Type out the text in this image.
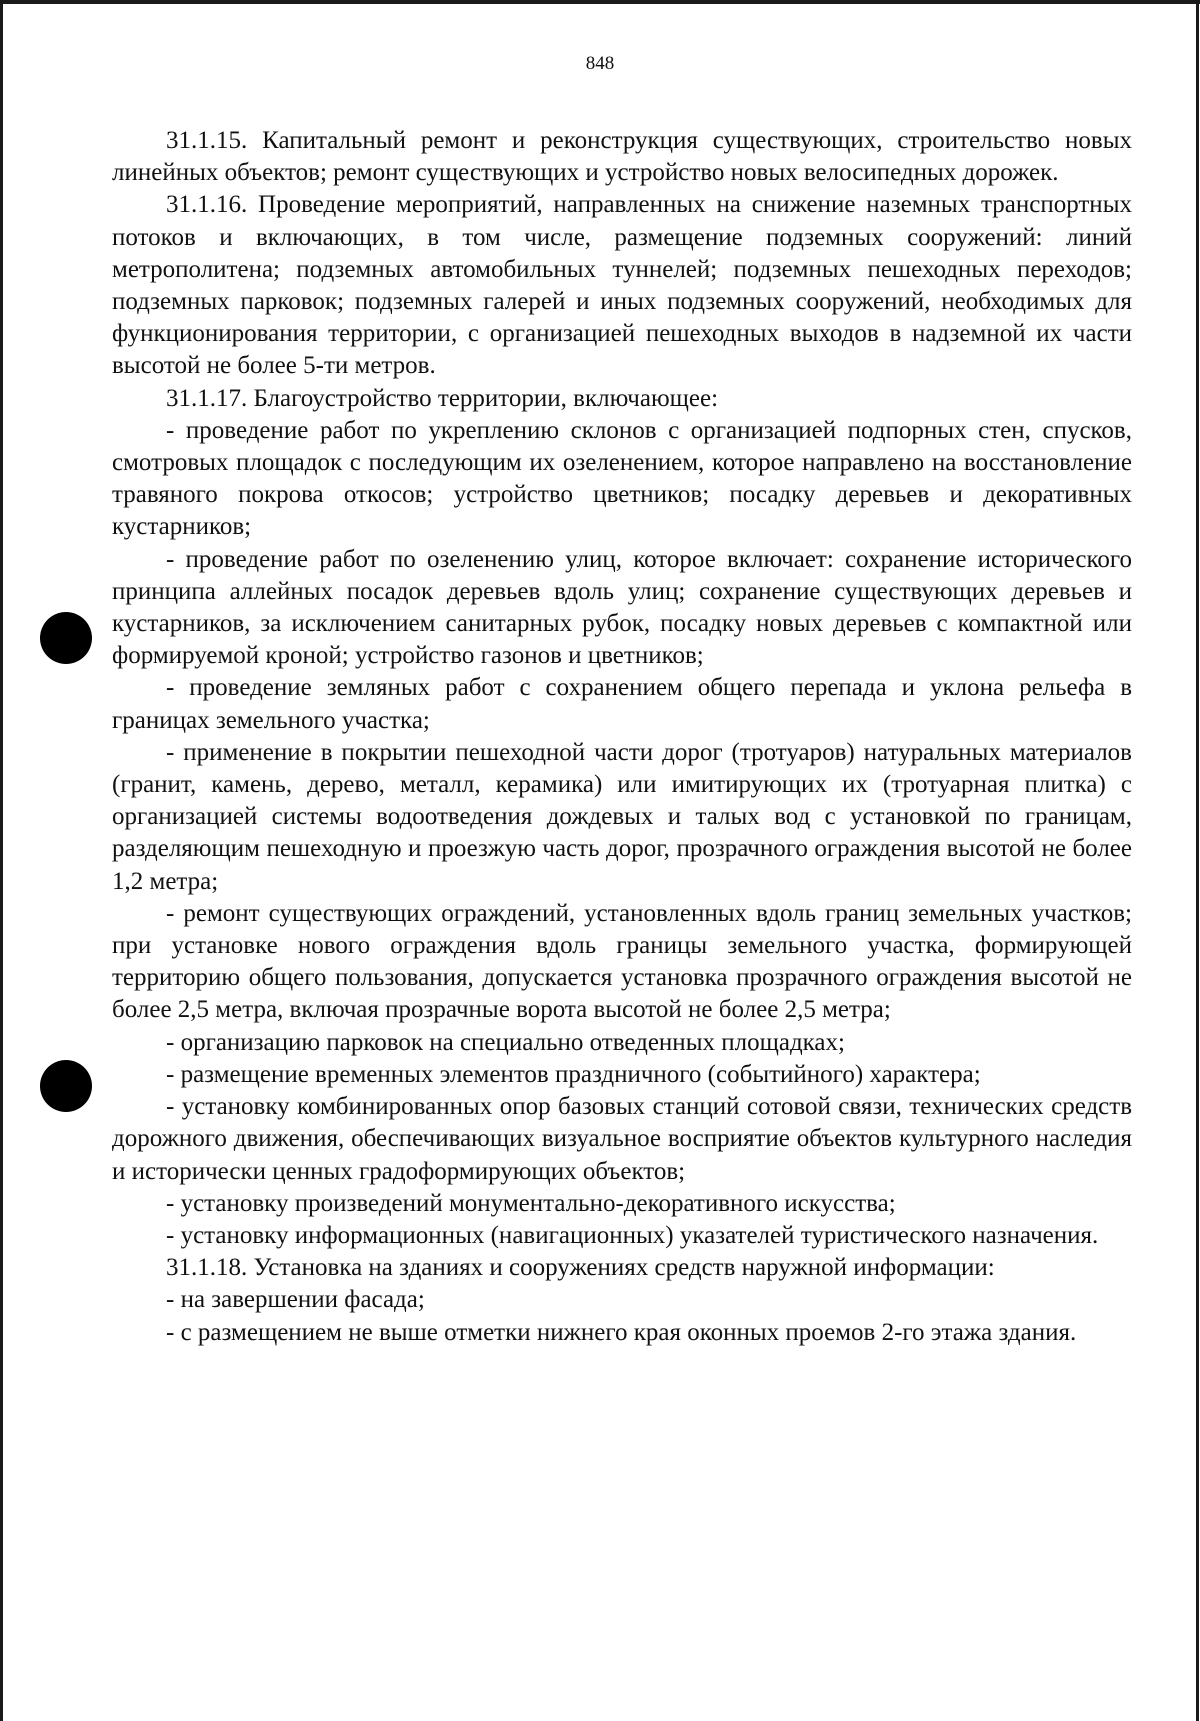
848

31.1.15. Капитальный ремонт и реконструкция существующих, строительство новых линейных объектов; ремонт существующих и устройство новых велосипедных дорожек.

31.1.16. Проведение мероприятий, направленных на снижение наземных транспортных потоков и включающих, в том числе, размещение подземных сооружений: линий метрополитена; подземных автомобильных туннелей; подземных пешеходных переходов; подземных парковок; подземных галерей и иных подземных сооружений, необходимых для функционирования территории, с организацией пешеходных выходов в надземной их части высотой не более 5-ти метров.

31.1.17. Благоустройство территории, включающее:

- проведение работ по укреплению склонов с организацией подпорных стен, спусков, смотровых площадок с последующим их озеленением, которое направлено на восстановление травяного покрова откосов; устройство цветников; посадку деревьев и декоративных кустарников;

- проведение работ по озеленению улиц, которое включает: сохранение исторического принципа аллейных посадок деревьев вдоль улиц; сохранение существующих деревьев и кустарников, за исключением санитарных рубок, посадку новых деревьев с компактной или формируемой кроной; устройство газонов и цветников;

- проведение земляных работ с сохранением общего перепада и уклона рельефа в границах земельного участка;

- применение в покрытии пешеходной части дорог (тротуаров) натуральных материалов (гранит, камень, дерево, металл, керамика) или имитирующих их (тротуарная плитка) с организацией системы водоотведения дождевых и талых вод с установкой по границам, разделяющим пешеходную и проезжую часть дорог, прозрачного ограждения высотой не более 1,2 метра;

- ремонт существующих ограждений, установленных вдоль границ земельных участков; при установке нового ограждения вдоль границы земельного участка, формирующей территорию общего пользования, допускается установка прозрачного ограждения высотой не более 2,5 метра, включая прозрачные ворота высотой не более 2,5 метра;

- организацию парковок на специально отведенных площадках;

- размещение временных элементов праздничного (событийного) характера;

- установку комбинированных опор базовых станций сотовой связи, технических средств дорожного движения, обеспечивающих визуальное восприятие объектов культурного наследия и исторически ценных градоформирующих объектов;

- установку произведений монументально-декоративного искусства;

- установку информационных (навигационных) указателей туристического назначения.

31.1.18. Установка на зданиях и сооружениях средств наружной информации:

- на завершении фасада;

- с размещением не выше отметки нижнего края оконных проемов 2-го этажа здания.
